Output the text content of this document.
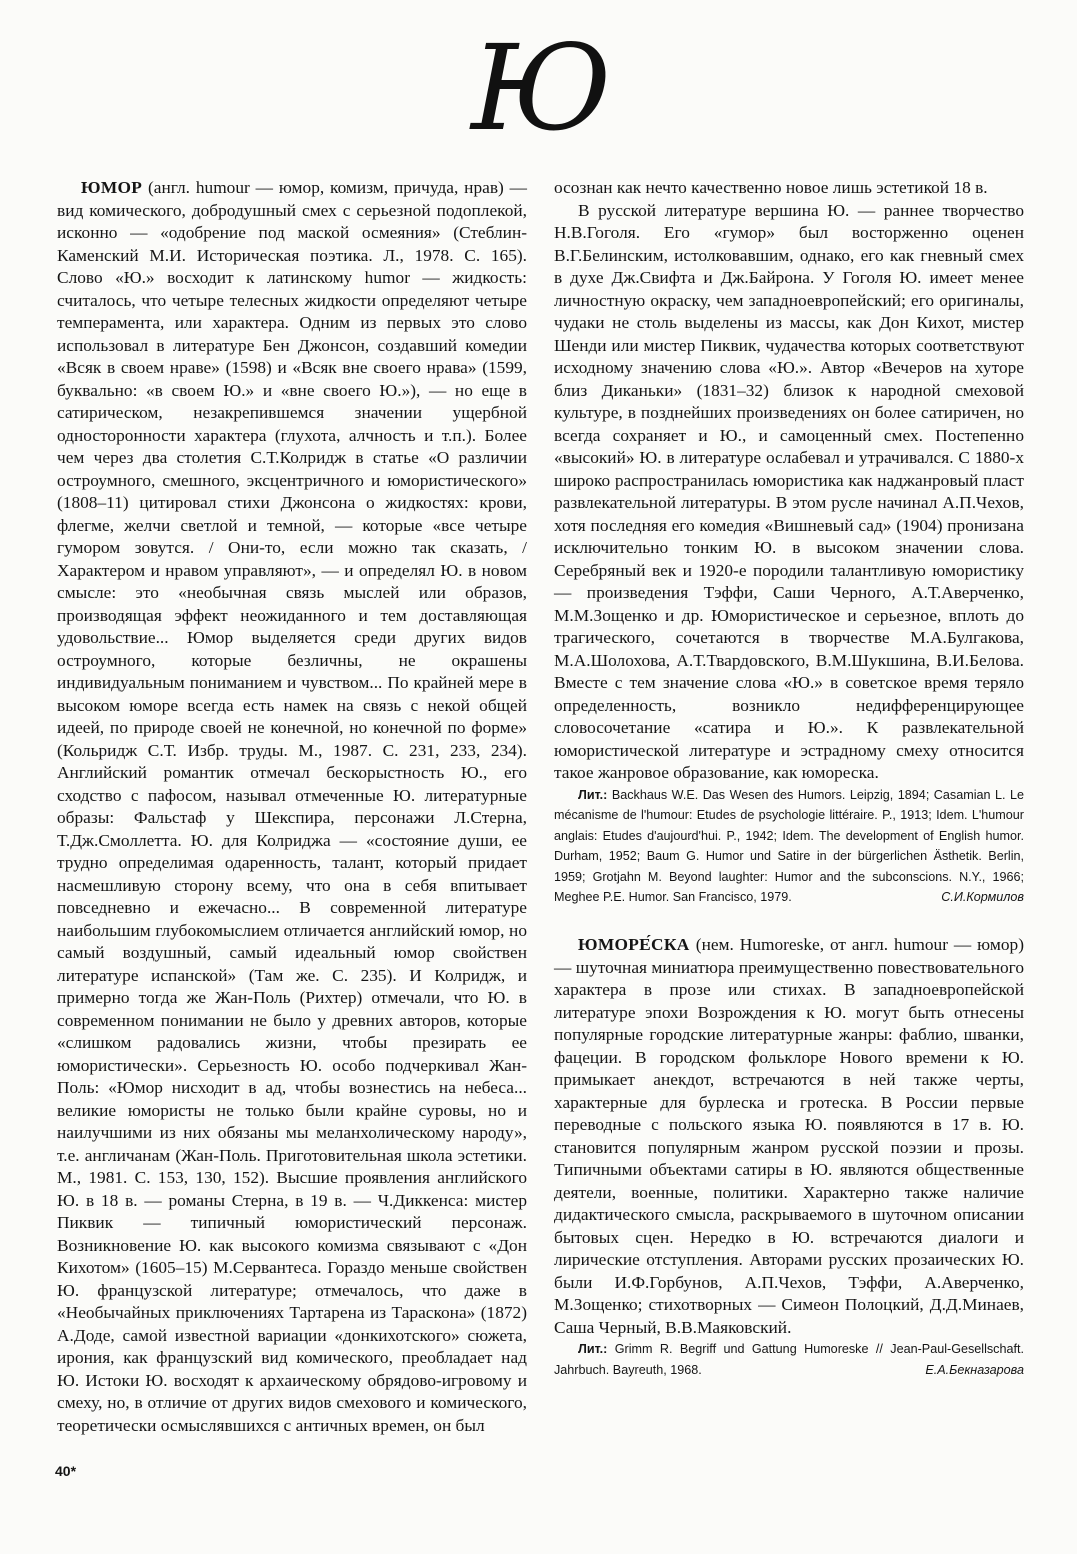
Ю

ЮМОР (англ. humour — юмор, комизм, причуда, нрав) — вид комического, добродушный смех с серьезной подоплекой, исконно — «одобрение под маской осмеяния» (Стеблин-Каменский М.И. Историческая поэтика. Л., 1978. С. 165). Слово «Ю.» восходит к латинскому humor — жидкость: считалось, что четыре телесных жидкости определяют четыре темперамента, или характера. Одним из первых это слово использовал в литературе Бен Джонсон, создавший комедии «Всяк в своем нраве» (1598) и «Всяк вне своего нрава» (1599, буквально: «в своем Ю.» и «вне своего Ю.»), — но еще в сатирическом, незакрепившемся значении ущербной односторонности характера (глухота, алчность и т.п.). Более чем через два столетия С.Т.Колридж в статье «О различии остроумного, смешного, эксцентричного и юмористического» (1808–11) цитировал стихи Джонсона о жидкостях: крови, флегме, желчи светлой и темной, — которые «все четыре гумором зовутся. / Они-то, если можно так сказать, / Характером и нравом управляют», — и определял Ю. в новом смысле: это «необычная связь мыслей или образов, производящая эффект неожиданного и тем доставляющая удовольствие... Юмор выделяется среди других видов остроумного, которые безличны, не окрашены индивидуальным пониманием и чувством... По крайней мере в высоком юморе всегда есть намек на связь с некой общей идеей, по природе своей не конечной, но конечной по форме» (Кольридж С.Т. Избр. труды. М., 1987. С. 231, 233, 234). Английский романтик отмечал бескорыстность Ю., его сходство с пафосом, называл отмеченные Ю. литературные образы: Фальстаф у Шекспира, персонажи Л.Стерна, Т.Дж.Смоллетта. Ю. для Колриджа — «состояние души, ее трудно определимая одаренность, талант, который придает насмешливую сторону всему, что она в себя впитывает повседневно и ежечасно... В современной литературе наибольшим глубокомыслием отличается английский юмор, но самый воздушный, самый идеальный юмор свойствен литературе испанской» (Там же. С. 235). И Колридж, и примерно тогда же Жан-Поль (Рихтер) отмечали, что Ю. в современном понимании не было у древних авторов, которые «слишком радовались жизни, чтобы презирать ее юмористически». Серьезность Ю. особо подчеркивал Жан-Поль: «Юмор нисходит в ад, чтобы вознестись на небеса... великие юмористы не только были крайне суровы, но и наилучшими из них обязаны мы меланхолическому народу», т.е. англичанам (Жан-Поль. Приготовительная школа эстетики. М., 1981. С. 153, 130, 152). Высшие проявления английского Ю. в 18 в. — романы Стерна, в 19 в. — Ч.Диккенса: мистер Пиквик — типичный юмористический персонаж. Возникновение Ю. как высокого комизма связывают с «Дон Кихотом» (1605–15) М.Сервантеса. Гораздо меньше свойствен Ю. французской литературе; отмечалось, что даже в «Необычайных приключениях Тартарена из Тараскона» (1872) А.Доде, самой известной вариации «донкихотского» сюжета, ирония, как французский вид комического, преобладает над Ю. Истоки Ю. восходят к архаическому обрядово-игровому и смеху, но, в отличие от других видов смехового и комического, теоретически осмыслявшихся с античных времен, он был

осознан как нечто качественно новое лишь эстетикой 18 в.

В русской литературе вершина Ю. — раннее творчество Н.В.Гоголя. Его «гумор» был восторженно оценен В.Г.Белинским, истолковавшим, однако, его как гневный смех в духе Дж.Свифта и Дж.Байрона. У Гоголя Ю. имеет менее личностную окраску, чем западноевропейский; его оригиналы, чудаки не столь выделены из массы, как Дон Кихот, мистер Шенди или мистер Пиквик, чудачества которых соответствуют исходному значению слова «Ю.». Автор «Вечеров на хуторе близ Диканьки» (1831–32) близок к народной смеховой культуре, в позднейших произведениях он более сатиричен, но всегда сохраняет и Ю., и самоценный смех. Постепенно «высокий» Ю. в литературе ослабевал и утрачивался. С 1880-х широко распространилась юмористика как наджанровый пласт развлекательной литературы. В этом русле начинал А.П.Чехов, хотя последняя его комедия «Вишневый сад» (1904) пронизана исключительно тонким Ю. в высоком значении слова. Серебряный век и 1920-е породили талантливую юмористику — произведения Тэффи, Саши Черного, А.Т.Аверченко, М.М.Зощенко и др. Юмористическое и серьезное, вплоть до трагического, сочетаются в творчестве М.А.Булгакова, М.А.Шолохова, А.Т.Твардовского, В.М.Шукшина, В.И.Белова. Вместе с тем значение слова «Ю.» в советское время теряло определенность, возникло недифференцирующее словосочетание «сатира и Ю.». К развлекательной юмористической литературе и эстрадному смеху относится такое жанровое образование, как юмореска.

Лит.: Backhaus W.E. Das Wesen des Humors. Leipzig, 1894; Casamian L. Le mécanisme de l'humour: Etudes de psychologie littéraire. P., 1913; Idem. L'humour anglais: Etudes d'aujourd'hui. P., 1942; Idem. The development of English humor. Durham, 1952; Baum G. Humor und Satire in der bürgerlichen Ästhetik. Berlin, 1959; Grotjahn M. Beyond laughter: Humor and the subconscions. N.Y., 1966; Meghee P.E. Humor. San Francisco, 1979.	С.И.Кормилов

ЮМОРЕ́СКА (нем. Humoreske, от англ. humour — юмор) — шуточная миниатюра преимущественно повествовательного характера в прозе или стихах. В западноевропейской литературе эпохи Возрождения к Ю. могут быть отнесены популярные городские литературные жанры: фаблио, шванки, фацеции. В городском фольклоре Нового времени к Ю. примыкает анекдот, встречаются в ней также черты, характерные для бурлеска и гротеска. В России первые переводные с польского языка Ю. появляются в 17 в. Ю. становится популярным жанром русской поэзии и прозы. Типичными объектами сатиры в Ю. являются общественные деятели, военные, политики. Характерно также наличие дидактического смысла, раскрываемого в шуточном описании бытовых сцен. Нередко в Ю. встречаются диалоги и лирические отступления. Авторами русских прозаических Ю. были И.Ф.Горбунов, А.П.Чехов, Тэффи, А.Аверченко, М.Зощенко; стихотворных — Симеон Полоцкий, Д.Д.Минаев, Саша Черный, В.В.Маяковский.

Лит.: Grimm R. Begriff und Gattung Humoreske // Jean-Paul-Gesellschaft. Jahrbuch. Bayreuth, 1968.	Е.А.Бекназарова

40*
